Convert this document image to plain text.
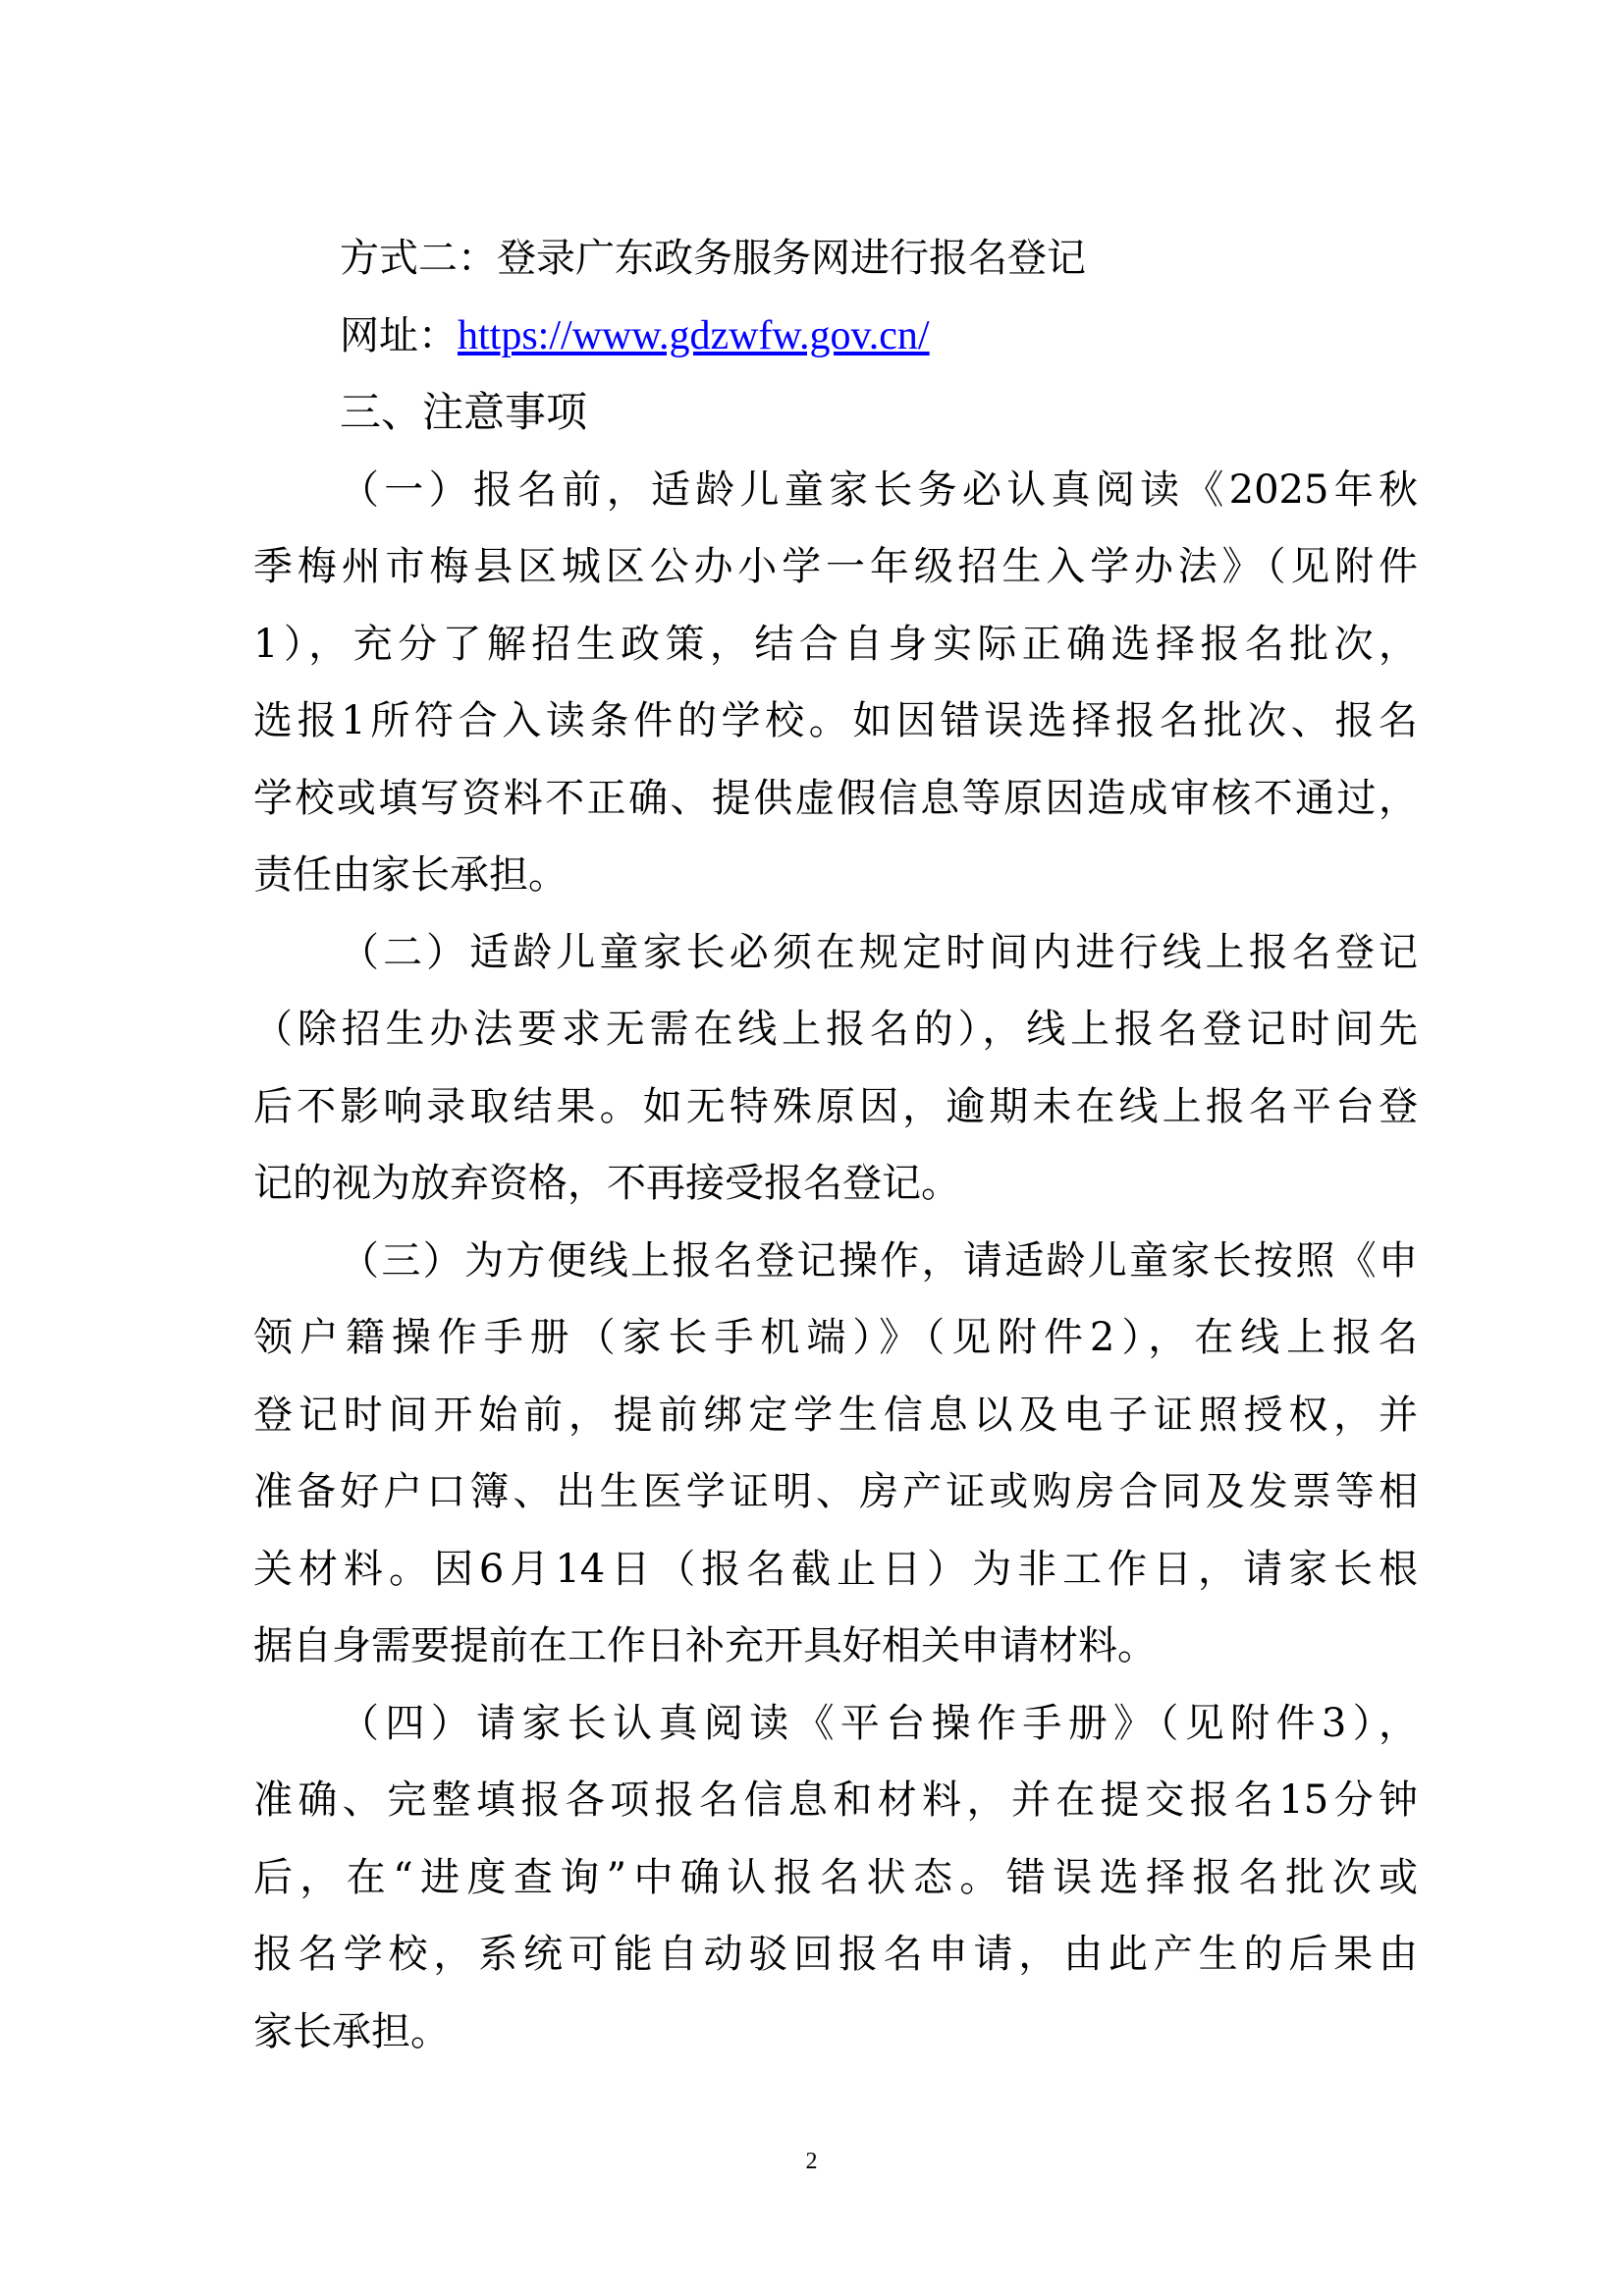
方式二：登录广东政务服务网进行报名登记
网址：https://www.gdzwfw.gov.cn/
三、注意事项
（一）报名前，适龄儿童家长务必认真阅读《2025年秋
季梅州市梅县区城区公办小学一年级招生入学办法》（见附件
1），充分了解招生政策，结合自身实际正确选择报名批次，
选报1所符合入读条件的学校。如因错误选择报名批次、报名
学校或填写资料不正确、提供虚假信息等原因造成审核不通过，
责任由家长承担。
（二）适龄儿童家长必须在规定时间内进行线上报名登记
（除招生办法要求无需在线上报名的），线上报名登记时间先
后不影响录取结果。如无特殊原因，逾期未在线上报名平台登
记的视为放弃资格，不再接受报名登记。
（三）为方便线上报名登记操作，请适龄儿童家长按照《申
领户籍操作手册（家长手机端）》（见附件2），在线上报名
登记时间开始前，提前绑定学生信息以及电子证照授权，并
准备好户口簿、出生医学证明、房产证或购房合同及发票等相
关材料。因6月14日（报名截止日）为非工作日，请家长根
据自身需要提前在工作日补充开具好相关申请材料。
（四）请家长认真阅读《平台操作手册》（见附件3），
准确、完整填报各项报名信息和材料，并在提交报名15分钟
后，在“进度查询”中确认报名状态。错误选择报名批次或
报名学校，系统可能自动驳回报名申请，由此产生的后果由
家长承担。
2
